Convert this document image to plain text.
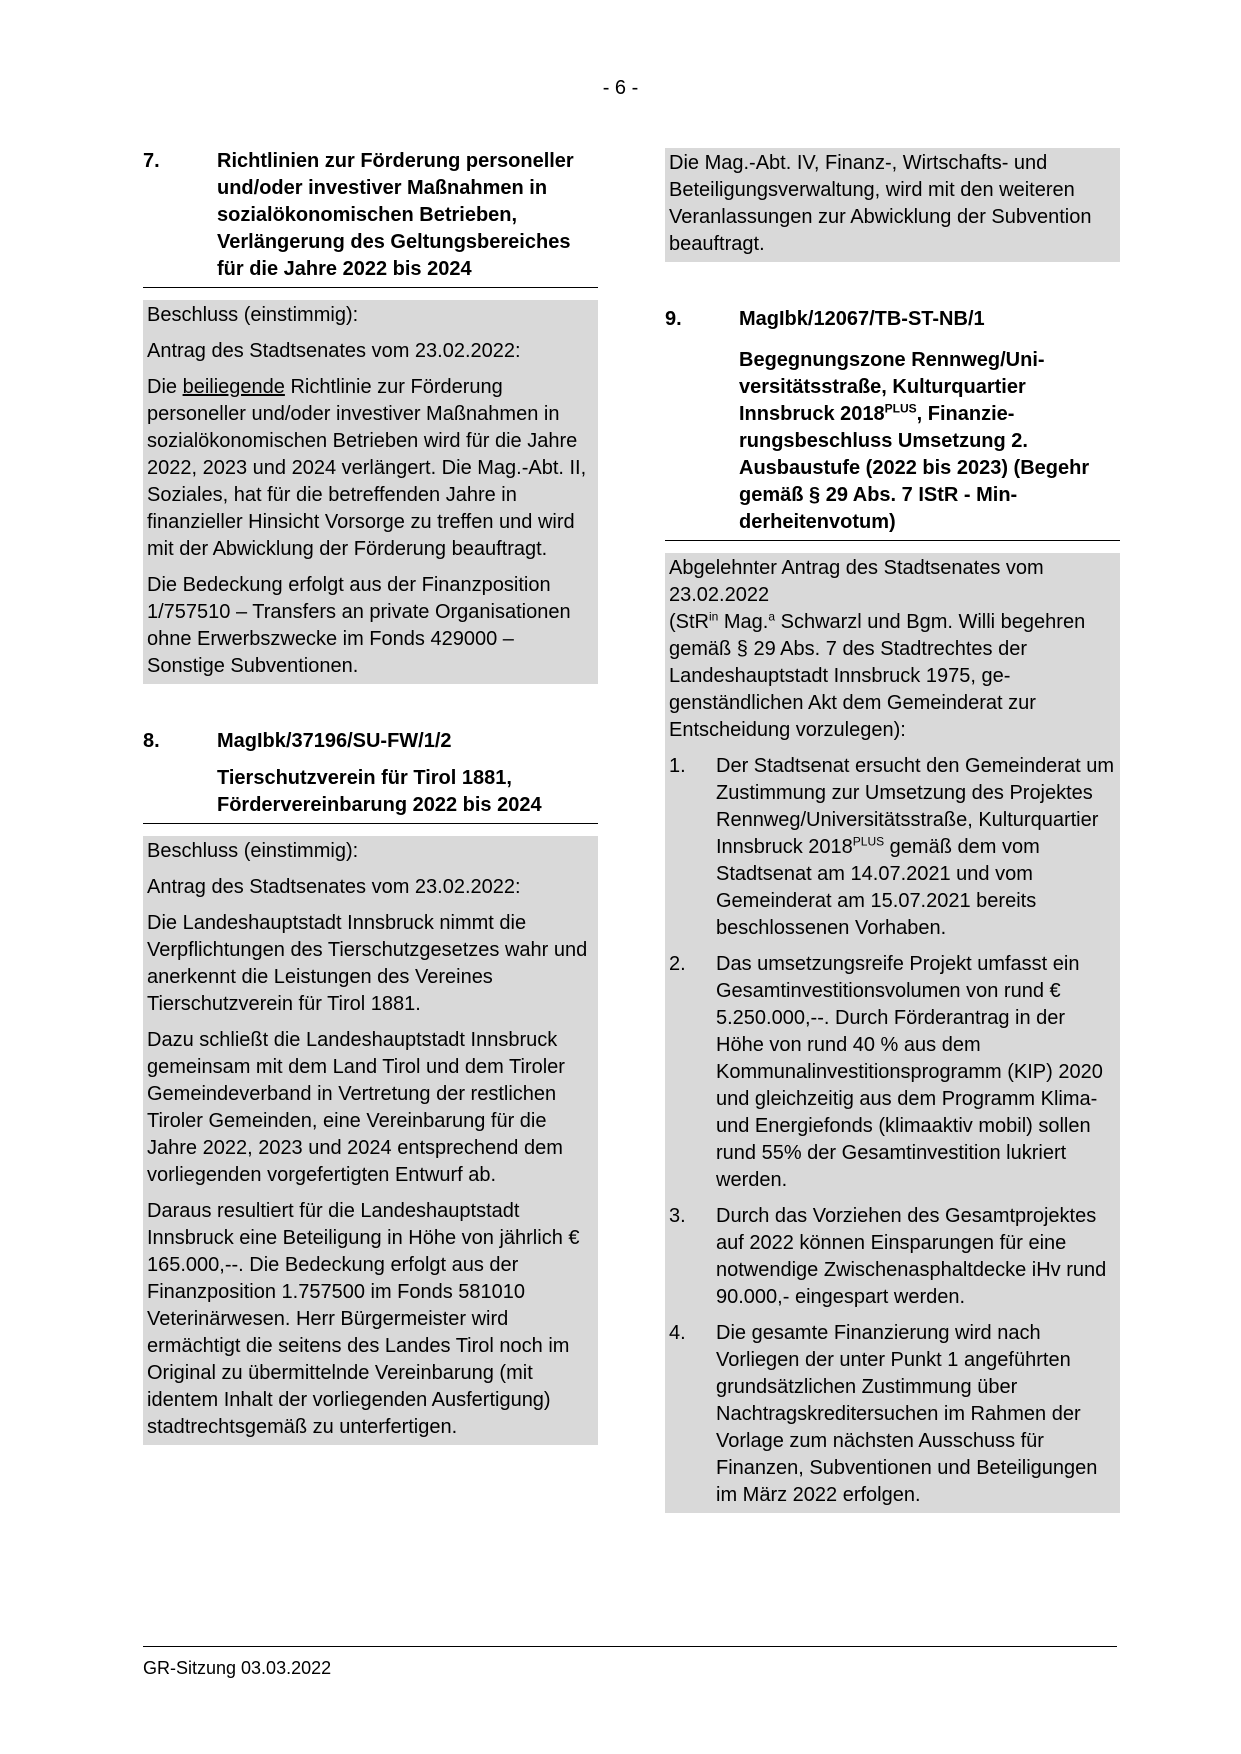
- 6 -
7.	Richtlinien zur Förderung personeller und/oder investiver Maßnahmen in sozialökonomischen Betrieben, Verlängerung des Geltungsbereiches für die Jahre 2022 bis 2024

Beschluss (einstimmig):

Antrag des Stadtsenates vom 23.02.2022:

Die beiliegende Richtlinie zur Förderung personeller und/oder investiver Maßnahmen in sozialökonomischen Betrieben wird für die Jahre 2022, 2023 und 2024 verlängert. Die Mag.-Abt. II, Soziales, hat für die betreffenden Jahre in finanzieller Hinsicht Vorsorge zu treffen und wird mit der Abwicklung der Förderung beauftragt.

Die Bedeckung erfolgt aus der Finanzposition 1/757510 – Transfers an private Organisationen ohne Erwerbszwecke im Fonds 429000 – Sonstige Subventionen.

8.	MagIbk/37196/SU-FW/1/2
Tierschutzverein für Tirol 1881, Fördervereinbarung 2022 bis 2024

Beschluss (einstimmig):

Antrag des Stadtsenates vom 23.02.2022:

Die Landeshauptstadt Innsbruck nimmt die Verpflichtungen des Tierschutzgesetzes wahr und anerkennt die Leistungen des Vereines Tierschutzverein für Tirol 1881.

Dazu schließt die Landeshauptstadt Innsbruck gemeinsam mit dem Land Tirol und dem Tiroler Gemeindeverband in Vertretung der restlichen Tiroler Gemeinden, eine Vereinbarung für die Jahre 2022, 2023 und 2024 entsprechend dem vorliegenden vorgefertigten Entwurf ab.

Daraus resultiert für die Landeshauptstadt Innsbruck eine Beteiligung in Höhe von jährlich € 165.000,--. Die Bedeckung erfolgt aus der Finanzposition 1.757500 im Fonds 581010 Veterinärwesen. Herr Bürgermeister wird ermächtigt die seitens des Landes Tirol noch im Original zu übermittelnde Vereinbarung (mit identem Inhalt der vorliegenden Ausfertigung) stadtrechtsgemäß zu unterfertigen.

Die Mag.-Abt. IV, Finanz-, Wirtschafts- und Beteiligungsverwaltung, wird mit den weiteren Veranlassungen zur Abwicklung der Subvention beauftragt.

9.	MagIbk/12067/TB-ST-NB/1
Begegnungszone Rennweg/Universitätsstraße, Kulturquartier Innsbruck $2018^{PLUS}$, Finanzierungsbeschluss Umsetzung 2. Ausbaustufe (2022 bis 2023) (Begehr gemäß § 29 Abs. 7 IStR - Minderheitenvotum)

Abgelehnter Antrag des Stadtsenates vom 23.02.2022

(StR$^{in}$ Mag.$^a$ Schwarzl und Bgm. Willi begehren gemäß § 29 Abs. 7 des Stadtrechtes der Landeshauptstadt Innsbruck 1975, gegenständlichen Akt dem Gemeinderat zur Entscheidung vorzulegen):

1.	Der Stadtsenat ersucht den Gemeinderat um Zustimmung zur Umsetzung des Projektes Rennweg/Universitätsstraße, Kulturquartier Innsbruck $2018^{PLUS}$ gemäß dem vom Stadtsenat am 14.07.2021 und vom Gemeinderat am 15.07.2021 bereits beschlossenen Vorhaben.
2.	Das umsetzungsreife Projekt umfasst ein Gesamtinvestitionsvolumen von rund € 5.250.000,--. Durch Förderantrag in der Höhe von rund 40 % aus dem Kommunalinvestitionsprogramm (KIP) 2020 und gleichzeitig aus dem Programm Klima- und Energiefonds (klimaaktiv mobil) sollen rund 55% der Gesamtinvestition lukriert werden.
3.	Durch das Vorziehen des Gesamtprojektes auf 2022 können Einsparungen für eine notwendige Zwischenasphaltdecke iHv rund 90.000,- eingespart werden.
4.	Die gesamte Finanzierung wird nach Vorliegen der unter Punkt 1 angeführten grundsätzlichen Zustimmung über Nachtragskreditersuchen im Rahmen der Vorlage zum nächsten Ausschuss für Finanzen, Subventionen und Beteiligungen im März 2022 erfolgen.
GR-Sitzung 03.03.2022
